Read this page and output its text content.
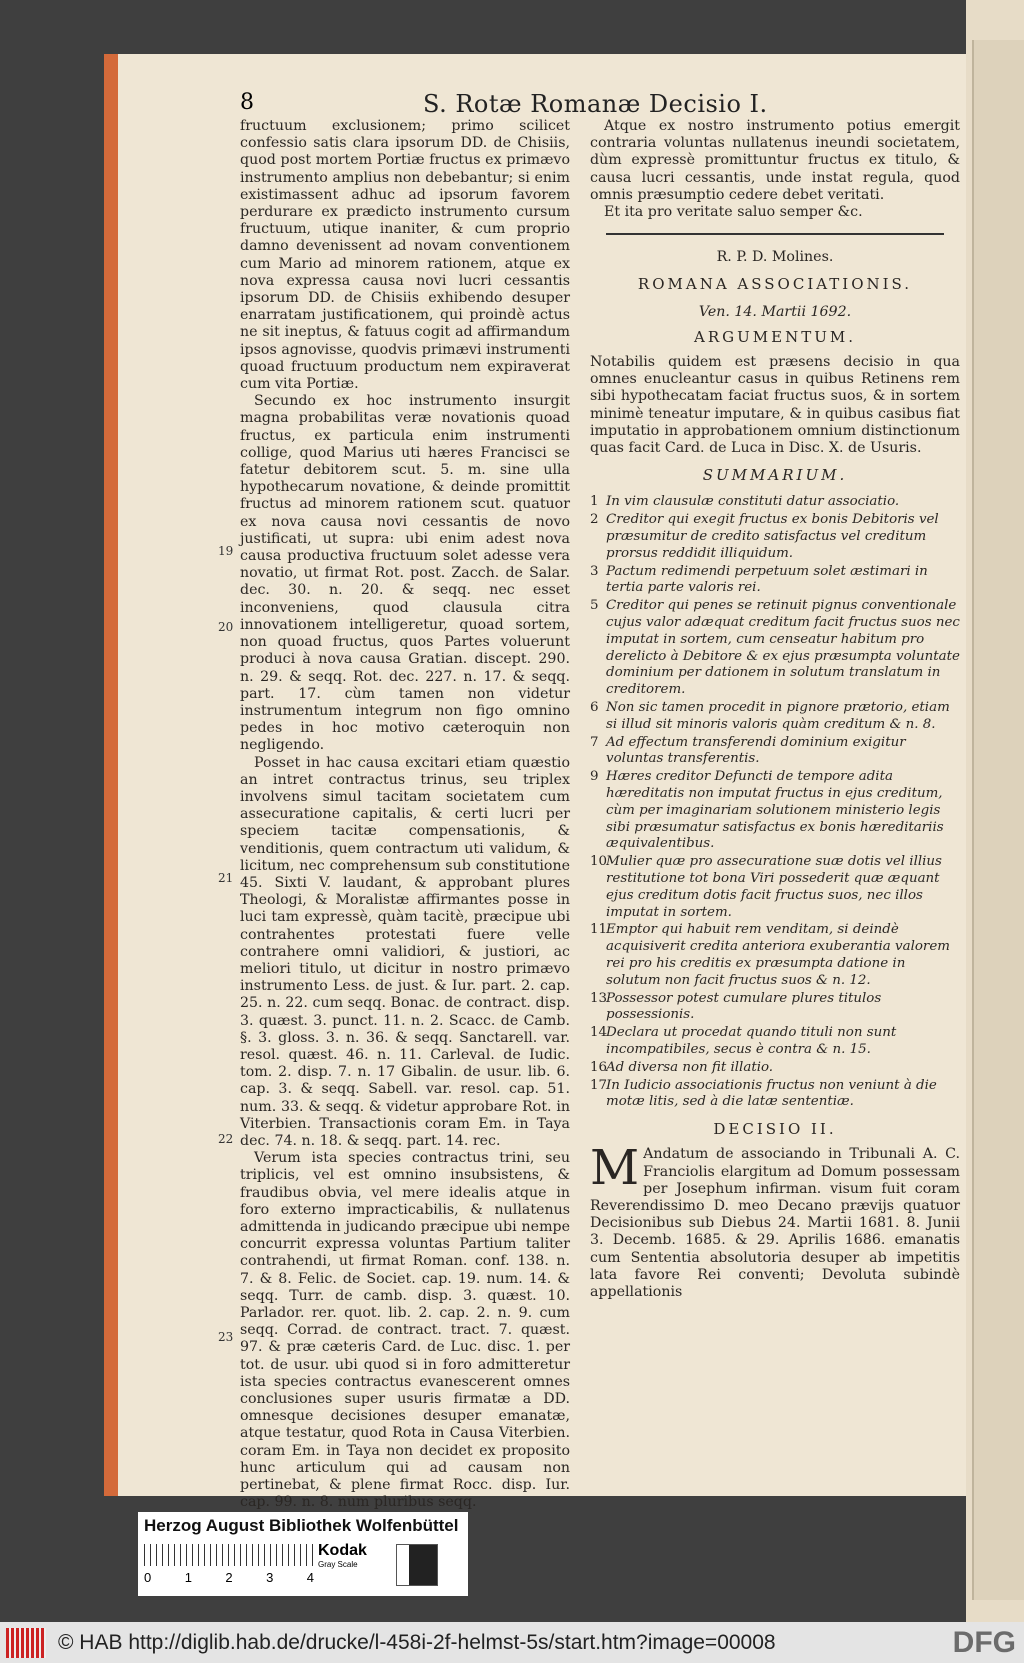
8	S. Rotæ Romanæ Decisio I.

fructuum exclusionem; primo scilicet confessio satis clara ipsorum DD. de Chisiis, quod post mortem Portiæ fructus ex primævo instrumento amplius non debebantur; si enim existimassent adhuc ad ipsorum favorem perdurare ex prædicto instrumento cursum fructuum, utique inaniter, & cum proprio damno devenissent ad novam conventionem cum Mario ad minorem rationem, atque ex nova expressa causa novi lucri cessantis ipsorum DD. de Chisiis exhibendo desuper enarratam justificationem, qui proindè actus ne sit ineptus, & fatuus cogit ad affirmandum ipsos agnovisse, quodvis primævi instrumenti quoad fructuum productum nem expiraverat cum vita Portiæ.

Secundo ex hoc instrumento insurgit magna probabilitas veræ novationis quoad fructus, ex particula enim instrumenti collige, quod Marius uti hæres Francisci se fatetur debitorem scut. 5. m. sine ulla hypothecarum novatione, & deinde promittit fructus ad minorem rationem scut. quatuor ex nova causa novi cessantis de novo justificati, ut supra: ubi enim adest nova causa productiva fructuum solet adesse vera novatio, ut firmat Rot. post. Zacch. de Salar. dec. 30. n. 20. & seqq. nec esset inconveniens, quod clausula citra innovationem intelligeretur, quoad sortem, non quoad fructus, quos Partes voluerunt produci à nova causa Gratian. discept. 290. n. 29. & seqq. Rot. dec. 227. n. 17. & seqq. part. 17. cùm tamen non videtur instrumentum integrum non figo omnino pedes in hoc motivo cæteroquin non negligendo.

Posset in hac causa excitari etiam quæstio an intret contractus trinus, seu triplex involvens simul tacitam societatem cum assecuratione capitalis, & certi lucri per speciem tacitæ compensationis, & venditionis, quem contractum uti validum, & licitum, nec comprehensum sub constitutione 45. Sixti V. laudant, & approbant plures Theologi, & Moralistæ affirmantes posse in luci tam expressè, quàm tacitè, præcipue ubi contrahentes protestati fuere velle contrahere omni validiori, & justiori, ac meliori titulo, ut dicitur in nostro primævo instrumento Less. de just. & Iur. part. 2. cap. 25. n. 22. cum seqq. Bonac. de contract. disp. 3. quæst. 3. punct. 11. n. 2. Scacc. de Camb. §. 3. gloss. 3. n. 36. & seqq. Sanctarell. var. resol. quæst. 46. n. 11. Carleval. de Iudic. tom. 2. disp. 7. n. 17 Gibalin. de usur. lib. 6. cap. 3. & seqq. Sabell. var. resol. cap. 51. num. 33. & seqq. & videtur approbare Rot. in Viterbien. Transactionis coram Em. in Taya dec. 74. n. 18. & seqq. part. 14. rec.

Verum ista species contractus trini, seu triplicis, vel est omnino insubsistens, & fraudibus obvia, vel mere idealis atque in foro externo impracticabilis, & nullatenus admittenda in judicando præcipue ubi nempe concurrit expressa voluntas Partium taliter contrahendi, ut firmat Roman. conf. 138. n. 7. & 8. Felic. de Societ. cap. 19. num. 14. & seqq. Turr. de camb. disp. 3. quæst. 10. Parlador. rer. quot. lib. 2. cap. 2. n. 9. cum seqq. Corrad. de contract. tract. 7. quæst. 97. & præ cæteris Card. de Luc. disc. 1. per tot. de usur. ubi quod si in foro admitteretur ista species contractus evanescerent omnes conclusiones super usuris firmatæ a DD. omnesque decisiones desuper emanatæ, atque testatur, quod Rota in Causa Viterbien. coram Em. in Taya non decidet ex proposito hunc articulum qui ad causam non pertinebat, & plene firmat Rocc. disp. Iur. cap. 99. n. 8. num pluribus seqq.

19
20
21
22
23

Atque ex nostro instrumento potius emergit contraria voluntas nullatenus ineundi societatem, dùm expressè promittuntur fructus ex titulo, & causa lucri cessantis, unde instat regula, quod omnis præsumptio cedere debet veritati.

Et ita pro veritate saluo semper &c.

R. P. D. Molines.

ROMANA ASSOCIATIONIS.

Ven. 14. Martii 1692.

ARGUMENTUM.

Notabilis quidem est præsens decisio in qua omnes enucleantur casus in quibus Retinens rem sibi hypothecatam faciat fructus suos, & in sortem minimè teneatur imputare, & in quibus casibus fiat imputatio in approbationem omnium distinctionum quas facit Card. de Luca in Disc. X. de Usuris.

SUMMARIUM.

1 In vim clausulæ constituti datur associatio.
2 Creditor qui exegit fructus ex bonis Debitoris vel præsumitur de credito satisfactus vel creditum prorsus reddidit illiquidum.
3 Pactum redimendi perpetuum solet æstimari in tertia parte valoris rei.
5 Creditor qui penes se retinuit pignus conventionale cujus valor adæquat creditum facit fructus suos nec imputat in sortem, cum censeatur habitum pro derelicto à Debitore & ex ejus præsumpta voluntate dominium per dationem in solutum translatum in creditorem.
6 Non sic tamen procedit in pignore prætorio, etiam si illud sit minoris valoris quàm creditum & n. 8.
7 Ad effectum transferendi dominium exigitur voluntas transferentis.
9 Hæres creditor Defuncti de tempore adita hæreditatis non imputat fructus in ejus creditum, cùm per imaginariam solutionem ministerio legis sibi præsumatur satisfactus ex bonis hæreditariis æquivalentibus.
10
Mulier quæ pro assecuratione suæ dotis vel illius restitutione tot bona Viri possederit quæ æquant ejus creditum dotis facit fructus suos, nec illos imputat in sortem.
11
Emptor qui habuit rem venditam, si deindè acquisiverit credita anteriora exuberantia valorem rei pro his creditis ex præsumpta datione in solutum non facit fructus suos & n. 12.
13
Possessor potest cumulare plures titulos possessionis.
14
Declara ut procedat quando tituli non sunt incompatibiles, secus è contra & n. 15.
16
Ad diversa non fit illatio.
17
In Iudicio associationis fructus non veniunt à die motæ litis, sed à die latæ sententiæ.

DECISIO II.

M Andatum de associando in Tribunali A. C. Franciolis elargitum ad Domum possessam per Josephum infirman. visum fuit coram Reverendissimo D. meo Decano prævijs quatuor Decisionibus sub Diebus 24. Martii 1681. 8. Junii 3. Decemb. 1685. & 29. Aprilis 1686. emanatis cum Sententia absolutoria desuper ab impetitis lata favore Rei conventi; Devoluta subindè appellationis

Herzog August Bibliothek Wolfenbüttel
0	1	2	3	4
Kodak
Gray Scale
© HAB http://diglib.hab.de/drucke/l-458i-2f-helmst-5s/start.htm?image=00008	DFG
